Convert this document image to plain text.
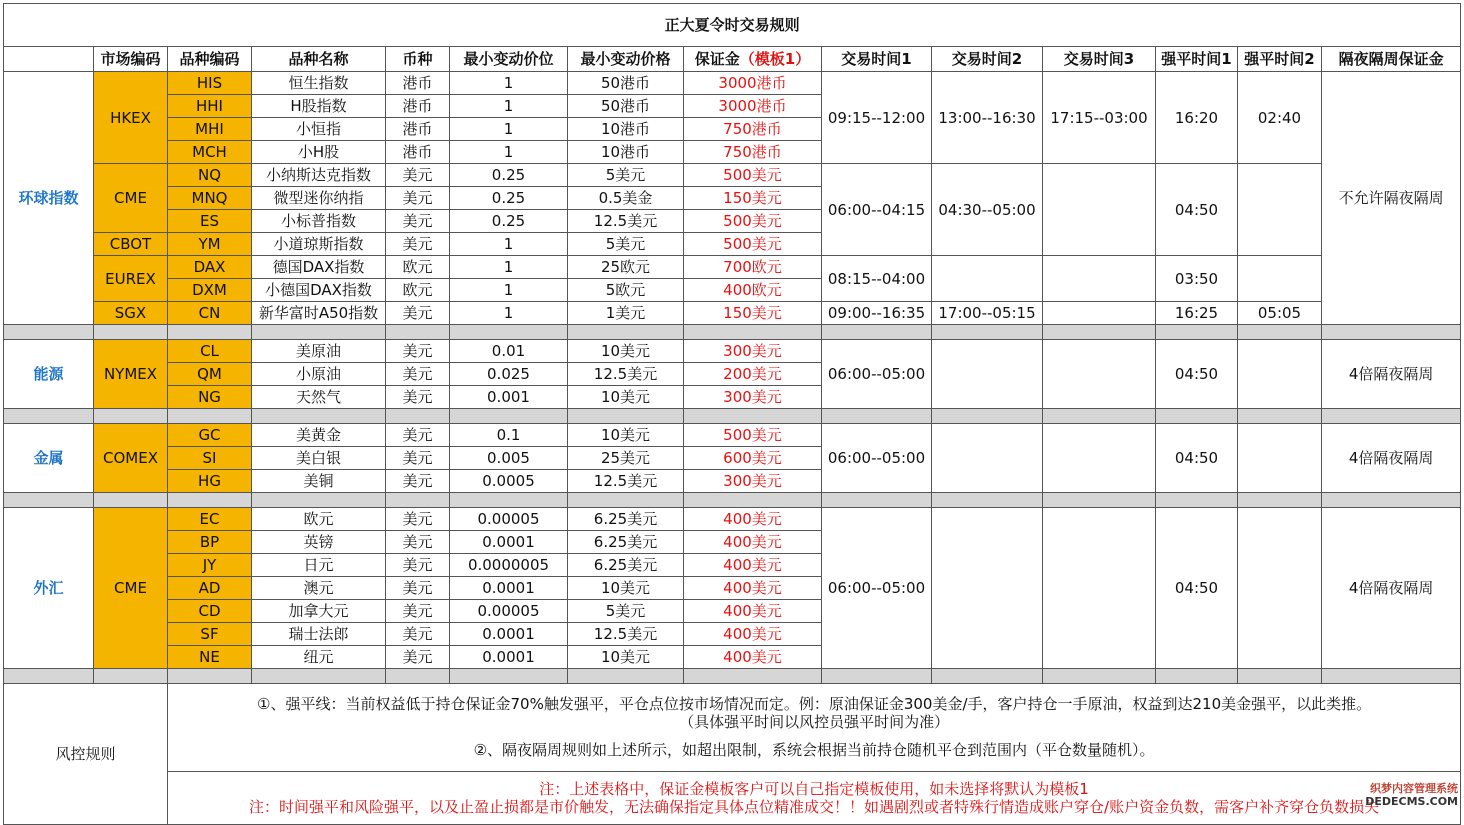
正大夏令时交易规则													
	市场编码	品种编码	品种名称	币种	最小变动价位	最小变动价格	保证金（模板1）	交易时间1	交易时间2	交易时间3	强平时间1	强平时间2	隔夜隔周保证金
环球指数	HKEX	HIS	恒生指数	港币	1	50港币	3000港币	09:15--12:00	13:00--16:30	17:15--03:00	16:20	02:40	不允许隔夜隔周
		HHI	H股指数	港币	1	50港币	3000港币						
		MHI	小恒指	港币	1	10港币	750港币						
		MCH	小H股	港币	1	10港币	750港币						
	CME	NQ	小纳斯达克指数	美元	0.25	5美元	500美元	06:00--04:15	04:30--05:00		04:50		
		MNQ	微型迷你纳指	美元	0.25	0.5美金	150美元						
		ES	小标普指数	美元	0.25	12.5美元	500美元						
	CBOT	YM	小道琼斯指数	美元	1	5美元	500美元						
	EUREX	DAX	德国DAX指数	欧元	1	25欧元	700欧元	08:15--04:00			03:50		
		DXM	小德国DAX指数	欧元	1	5欧元	400欧元						
	SGX	CN	新华富时A50指数	美元	1	1美元	150美元	09:00--16:35	17:00--05:15		16:25	05:05	

能源	NYMEX	CL	美原油	美元	0.01	10美元	300美元	06:00--05:00			04:50		4倍隔夜隔周
		QM	小原油	美元	0.025	12.5美元	200美元						
		NG	天然气	美元	0.001	10美元	300美元						

金属	COMEX	GC	美黄金	美元	0.1	10美元	500美元	06:00--05:00			04:50		4倍隔夜隔周
		SI	美白银	美元	0.005	25美元	600美元						
		HG	美铜	美元	0.0005	12.5美元	300美元						

外汇	CME	EC	欧元	美元	0.00005	6.25美元	400美元	06:00--05:00			04:50		4倍隔夜隔周
		BP	英镑	美元	0.0001	6.25美元	400美元						
		JY	日元	美元	0.0000005	6.25美元	400美元						
		AD	澳元	美元	0.0001	10美元	400美元						
		CD	加拿大元	美元	0.00005	5美元	400美元						
		SF	瑞士法郎	美元	0.0001	12.5美元	400美元						
		NE	纽元	美元	0.0001	10美元	400美元						

风控规则		①、强平线：当前权益低于持仓保证金70%触发强平，平仓点位按市场情况而定。例：原油保证金300美金/手，客户持仓一手原油，权益到达210美金强平，以此类推。
（具体强平时间以风控员强平时间为准）
②、隔夜隔周规则如上述所示，如超出限制，系统会根据当前持仓随机平仓到范围内（平仓数量随机）。											

		注：上述表格中，保证金模板客户可以自己指定模板使用，如未选择将默认为模板1
注：时间强平和风险强平，以及止盈止损都是市价触发，无法确保指定具体点位精准成交！！如遇剧烈或者特殊行情造成账户穿仓/账户资金负数，需客户补齐穿仓负数损失											
织梦内容管理系统
DEDECMS.COM
